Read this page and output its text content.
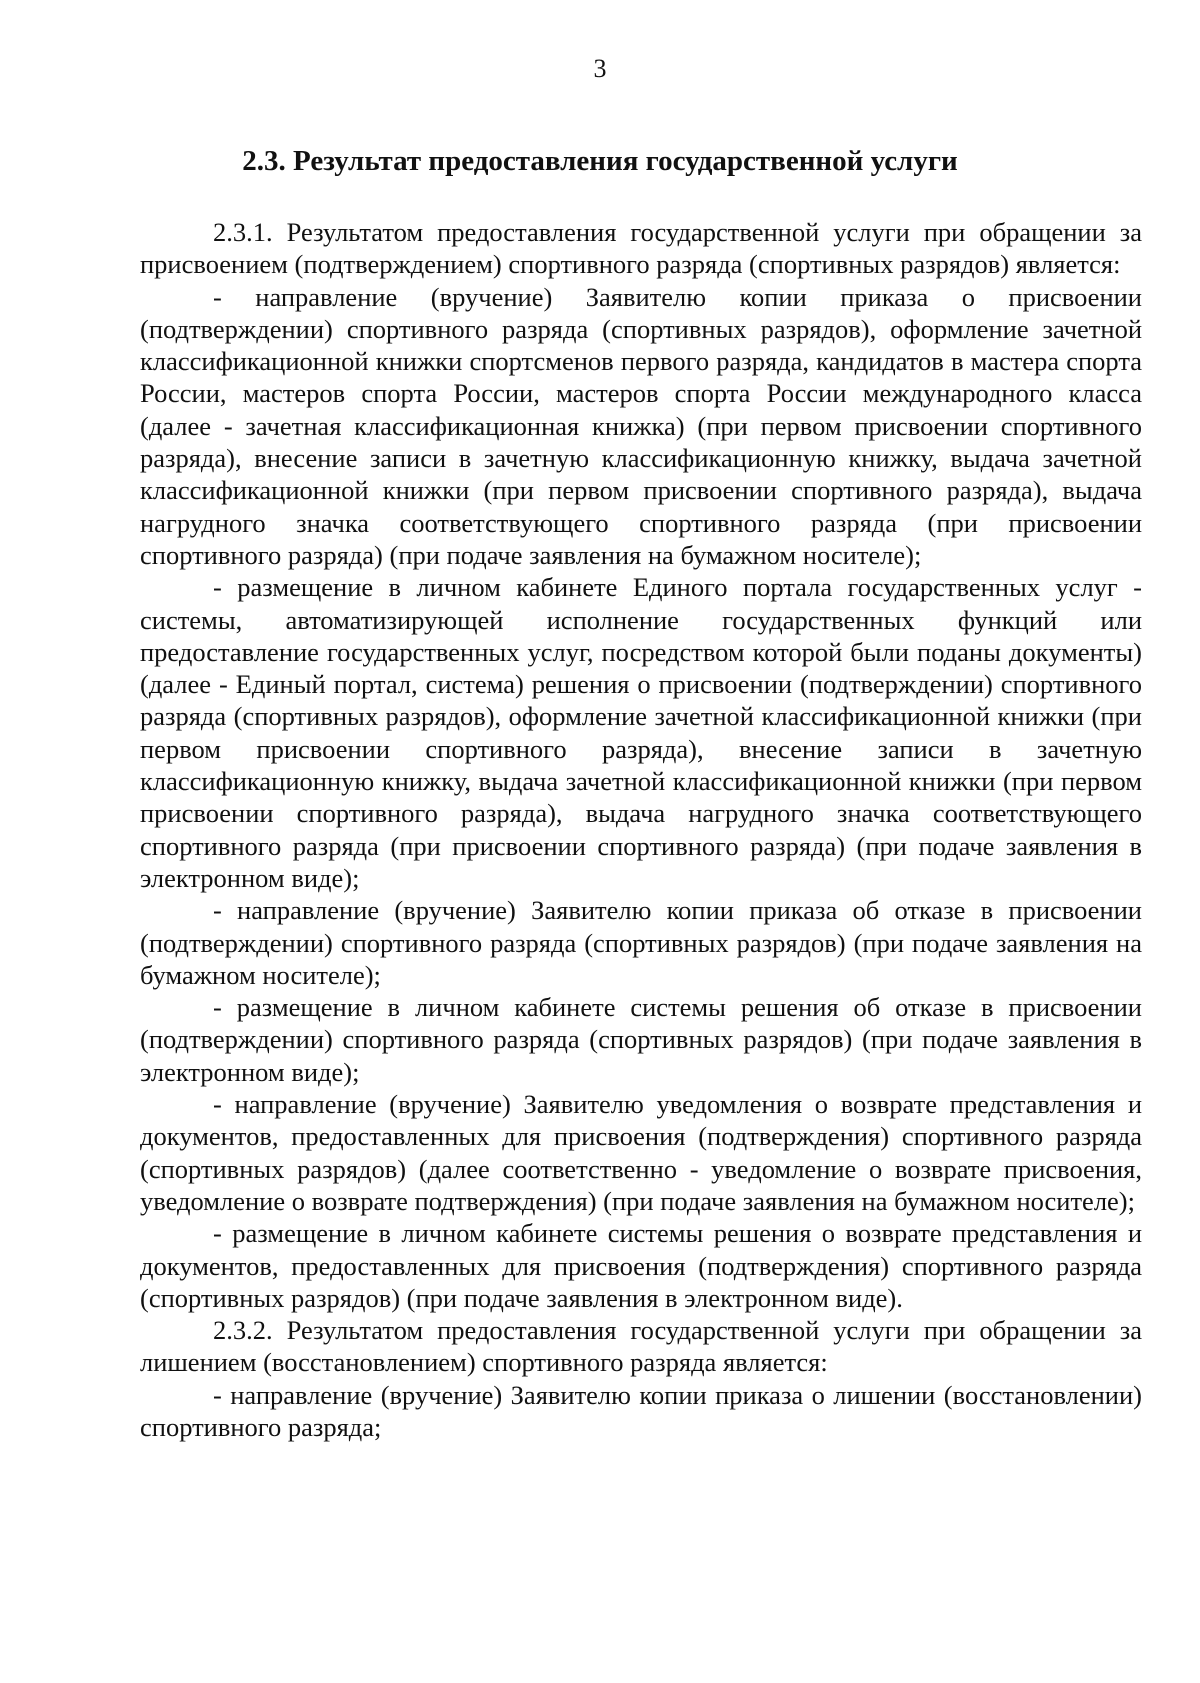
3
2.3. Результат предоставления государственной услуги

2.3.1. Результатом предоставления государственной услуги при обращении за присвоением (подтверждением) спортивного разряда (спортивных разрядов) является:

- направление (вручение) Заявителю копии приказа о присвоении (подтверждении) спортивного разряда (спортивных разрядов), оформление зачетной классификационной книжки спортсменов первого разряда, кандидатов в мастера спорта России, мастеров спорта России, мастеров спорта России международного класса (далее - зачетная классификационная книжка) (при первом присвоении спортивного разряда), внесение записи в зачетную классификационную книжку, выдача зачетной классификационной книжки (при первом присвоении спортивного разряда), выдача нагрудного значка соответствующего спортивного разряда (при присвоении спортивного разряда) (при подаче заявления на бумажном носителе);

- размещение в личном кабинете Единого портала государственных услуг - системы, автоматизирующей исполнение государственных функций или предоставление государственных услуг, посредством которой были поданы документы) (далее - Единый портал, система) решения о присвоении (подтверждении) спортивного разряда (спортивных разрядов), оформление зачетной классификационной книжки (при первом присвоении спортивного разряда), внесение записи в зачетную классификационную книжку, выдача зачетной классификационной книжки (при первом присвоении спортивного разряда), выдача нагрудного значка соответствующего спортивного разряда (при присвоении спортивного разряда) (при подаче заявления в электронном виде);

- направление (вручение) Заявителю копии приказа об отказе в присвоении (подтверждении) спортивного разряда (спортивных разрядов) (при подаче заявления на бумажном носителе);

- размещение в личном кабинете системы решения об отказе в присвоении (подтверждении) спортивного разряда (спортивных разрядов) (при подаче заявления в электронном виде);

- направление (вручение) Заявителю уведомления о возврате представления и документов, предоставленных для присвоения (подтверждения) спортивного разряда (спортивных разрядов) (далее соответственно - уведомление о возврате присвоения, уведомление о возврате подтверждения) (при подаче заявления на бумажном носителе);

- размещение в личном кабинете системы решения о возврате представления и документов, предоставленных для присвоения (подтверждения) спортивного разряда (спортивных разрядов) (при подаче заявления в электронном виде).

2.3.2. Результатом предоставления государственной услуги при обращении за лишением (восстановлением) спортивного разряда является:

- направление (вручение) Заявителю копии приказа о лишении (восстановлении) спортивного разряда;
